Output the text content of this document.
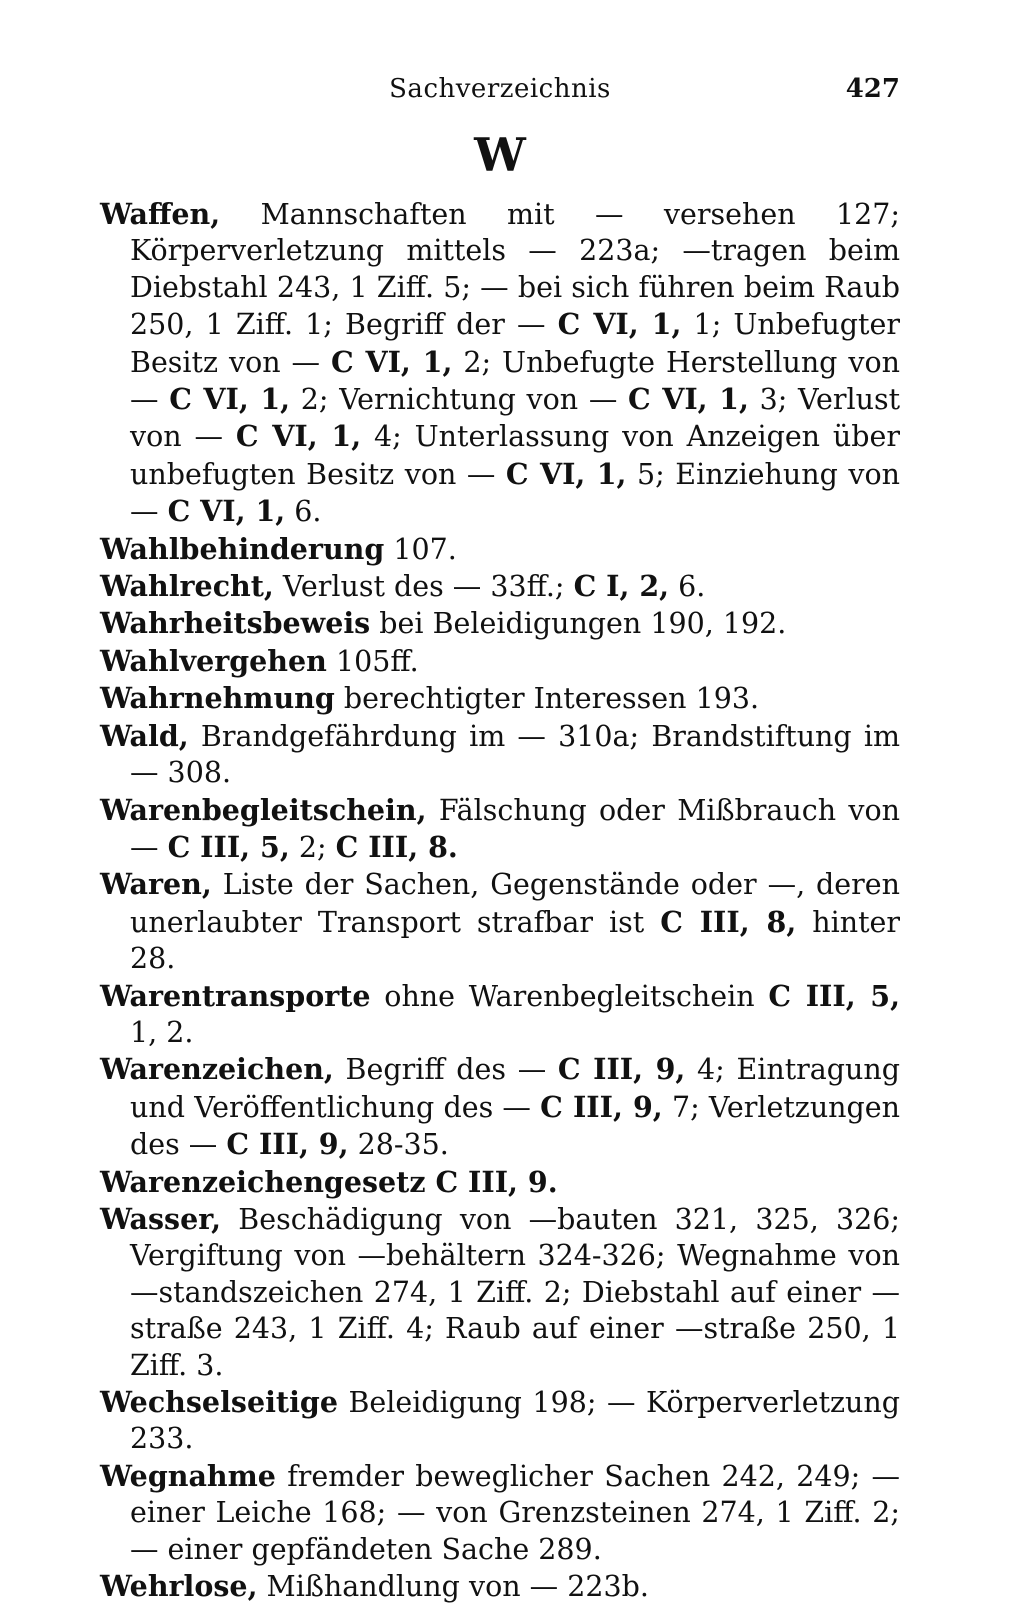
Sachverzeichnis	427
W

Waffen, Mannschaften mit — versehen 127; Körperverletzung mittels — 223a; —tragen beim Diebstahl 243, 1 Ziff. 5; — bei sich führen beim Raub 250, 1 Ziff. 1; Begriff der — C VI, 1, 1; Unbefugter Besitz von — C VI, 1, 2; Unbefugte Herstellung von — C VI, 1, 2; Vernichtung von — C VI, 1, 3; Verlust von — C VI, 1, 4; Unterlassung von Anzeigen über unbefugten Besitz von — C VI, 1, 5; Einziehung von — C VI, 1, 6.

Wahlbehinderung 107.

Wahlrecht, Verlust des — 33ff.; C I, 2, 6.

Wahrheitsbeweis bei Beleidigungen 190, 192.

Wahlvergehen 105ff.

Wahrnehmung berechtigter Interessen 193.

Wald, Brandgefährdung im — 310a; Brandstiftung im — 308.

Warenbegleitschein, Fälschung oder Mißbrauch von — C III, 5, 2; C III, 8.

Waren, Liste der Sachen, Gegenstände oder —, deren unerlaubter Transport strafbar ist C III, 8, hinter 28.

Warentransporte ohne Warenbegleitschein C III, 5, 1, 2.

Warenzeichen, Begriff des — C III, 9, 4; Eintragung und Veröffentlichung des — C III, 9, 7; Verletzungen des — C III, 9, 28-35.

Warenzeichengesetz C III, 9.

Wasser, Beschädigung von —bauten 321, 325, 326; Vergiftung von —behältern 324-326; Wegnahme von —standszeichen 274, 1 Ziff. 2; Diebstahl auf einer —straße 243, 1 Ziff. 4; Raub auf einer —straße 250, 1 Ziff. 3.

Wechselseitige Beleidigung 198; — Körperverletzung 233.

Wegnahme fremder beweglicher Sachen 242, 249; — einer Leiche 168; — von Grenzsteinen 274, 1 Ziff. 2; — einer gepfändeten Sache 289.

Wehrlose, Mißhandlung von — 223b.
